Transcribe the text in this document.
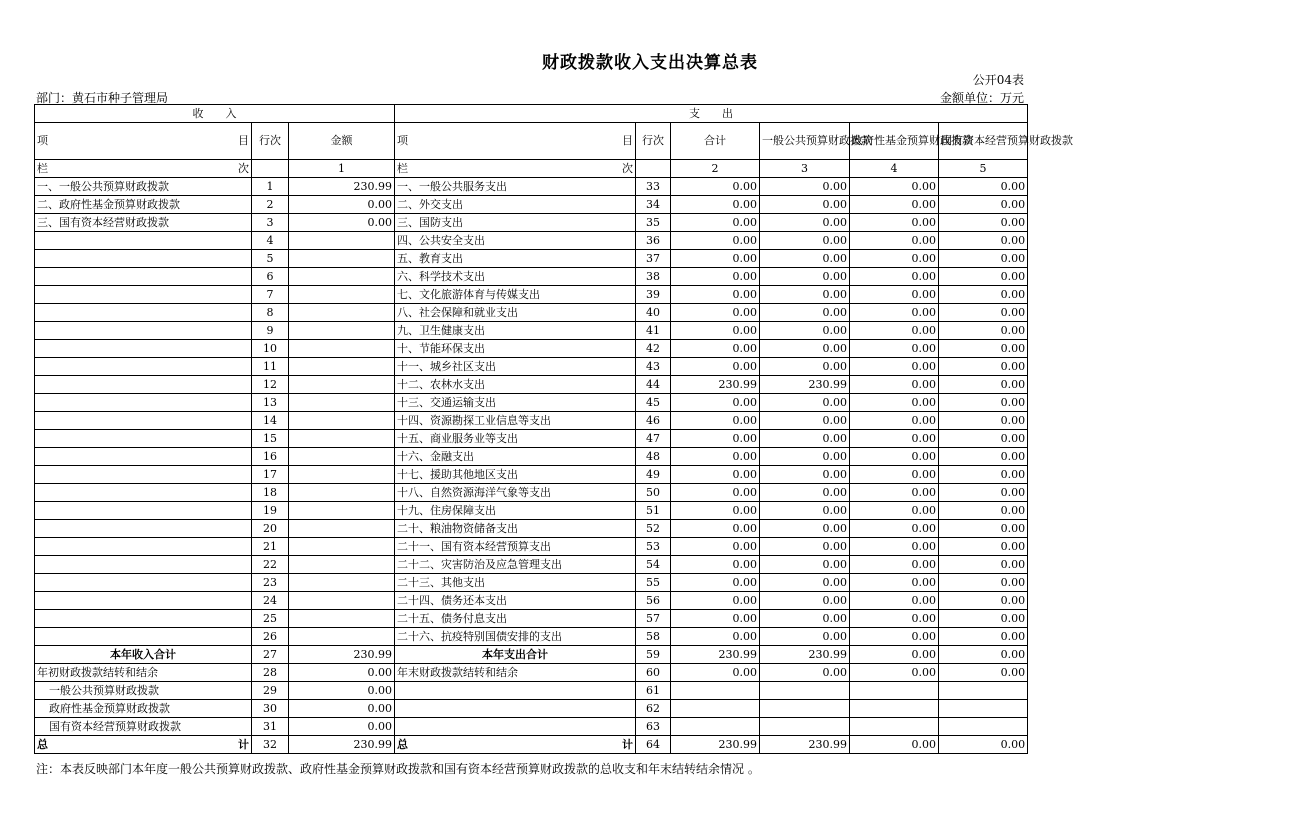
财政拨款收入支出决算总表
公开04表
部门：黄石市种子管理局	金额单位：万元
收　　入			支　　出					

项 目	行次	金额	项 目	行次	合计	一般公共预算财政拨款	政府性基金预算财政拨款	国有资本经营预算财政拨款

栏 次		1	栏 次		2	3	4	5
一、一般公共预算财政拨款	1	230.99	一、一般公共服务支出	33	0.00	0.00	0.00	0.00
二、政府性基金预算财政拨款	2	0.00	二、外交支出	34	0.00	0.00	0.00	0.00
三、国有资本经营财政拨款	3	0.00	三、国防支出	35	0.00	0.00	0.00	0.00
	4		四、公共安全支出	36	0.00	0.00	0.00	0.00
	5		五、教育支出	37	0.00	0.00	0.00	0.00
	6		六、科学技术支出	38	0.00	0.00	0.00	0.00
	7		七、文化旅游体育与传媒支出	39	0.00	0.00	0.00	0.00
	8		八、社会保障和就业支出	40	0.00	0.00	0.00	0.00
	9		九、卫生健康支出	41	0.00	0.00	0.00	0.00
	10		十、节能环保支出	42	0.00	0.00	0.00	0.00
	11		十一、城乡社区支出	43	0.00	0.00	0.00	0.00
	12		十二、农林水支出	44	230.99	230.99	0.00	0.00
	13		十三、交通运输支出	45	0.00	0.00	0.00	0.00
	14		十四、资源勘探工业信息等支出	46	0.00	0.00	0.00	0.00
	15		十五、商业服务业等支出	47	0.00	0.00	0.00	0.00
	16		十六、金融支出	48	0.00	0.00	0.00	0.00
	17		十七、援助其他地区支出	49	0.00	0.00	0.00	0.00
	18		十八、自然资源海洋气象等支出	50	0.00	0.00	0.00	0.00
	19		十九、住房保障支出	51	0.00	0.00	0.00	0.00
	20		二十、粮油物资储备支出	52	0.00	0.00	0.00	0.00
	21		二十一、国有资本经营预算支出	53	0.00	0.00	0.00	0.00
	22		二十二、灾害防治及应急管理支出	54	0.00	0.00	0.00	0.00
	23		二十三、其他支出	55	0.00	0.00	0.00	0.00
	24		二十四、债务还本支出	56	0.00	0.00	0.00	0.00
	25		二十五、债务付息支出	57	0.00	0.00	0.00	0.00
	26		二十六、抗疫特别国债安排的支出	58	0.00	0.00	0.00	0.00
本年收入合计	27	230.99	本年支出合计	59	230.99	230.99	0.00	0.00
年初财政拨款结转和结余	28	0.00	年末财政拨款结转和结余	60	0.00	0.00	0.00	0.00
一般公共预算财政拨款	29	0.00		61				
政府性基金预算财政拨款	30	0.00		62				
国有资本经营预算财政拨款	31	0.00		63				

总 计	32	230.99	总 计	64	230.99	230.99	0.00	0.00
注：本表反映部门本年度一般公共预算财政拨款、政府性基金预算财政拨款和国有资本经营预算财政拨款的总收支和年末结转结余情况 。
